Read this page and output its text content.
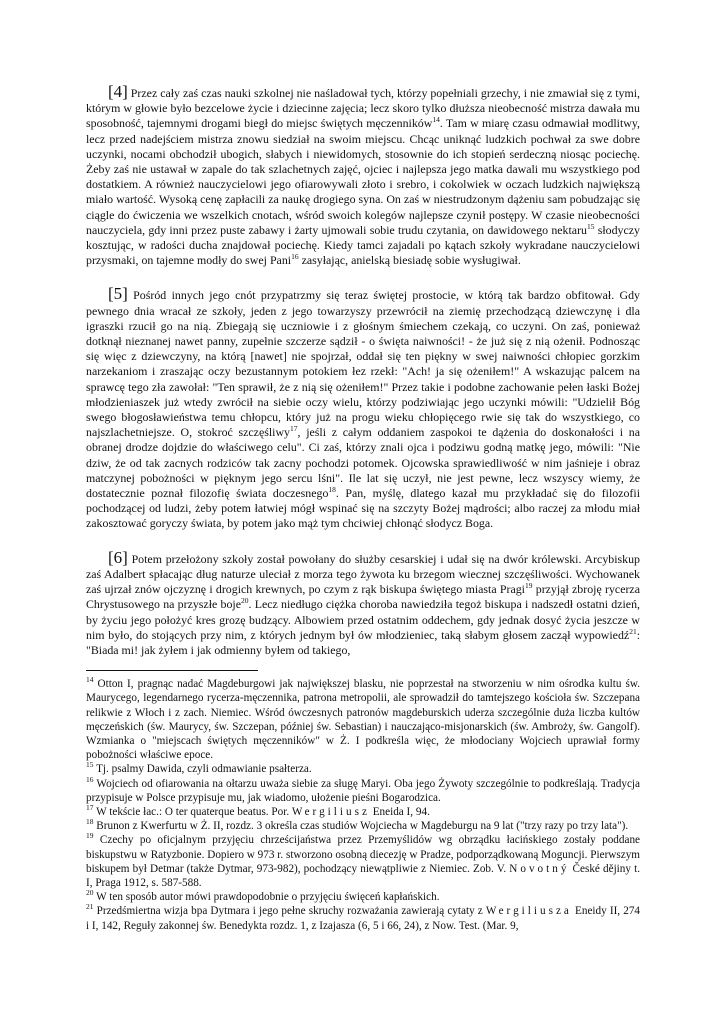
[4] Przez cały zaś czas nauki szkolnej nie naśladował tych, którzy popełniali grzechy, i nie zmawiał się z tymi, którym w głowie było bezcelowe życie i dziecinne zajęcia; lecz skoro tylko dłuższa nieobecność mistrza dawała mu sposobność, tajemnymi drogami biegł do miejsc świętych męczenników$^{14}$. Tam w miarę czasu odmawiał modlitwy, lecz przed nadejściem mistrza znowu siedział na swoim miejscu. Chcąc uniknąć ludzkich pochwał za swe dobre uczynki, nocami obchodził ubogich, słabych i niewidomych, stosownie do ich stopień serdeczną niosąc pociechę. Żeby zaś nie ustawał w zapale do tak szlachetnych zajęć, ojciec i najlepsza jego matka dawali mu wszystkiego pod dostatkiem. A również nauczycielowi jego ofiarowywali złoto i srebro, i cokolwiek w oczach ludzkich największą miało wartość. Wysoką cenę zapłacili za naukę drogiego syna. On zaś w niestrudzonym dążeniu sam pobudzając się ciągle do ćwiczenia we wszelkich cnotach, wśród swoich kolegów najlepsze czynił postępy. W czasie nieobecności nauczyciela, gdy inni przez puste zabawy i żarty ujmowali sobie trudu czytania, on dawidowego nektaru$^{15}$ słodyczy kosztując, w radości ducha znajdował pociechę. Kiedy tamci zajadali po kątach szkoły wykradane nauczycielowi przysmaki, on tajemne modły do swej Pani$^{16}$ zasyłając, anielską biesiadę sobie wysługiwał.

[5] Pośród innych jego cnót przypatrzmy się teraz świętej prostocie, w którą tak bardzo obfitował. Gdy pewnego dnia wracał ze szkoły, jeden z jego towarzyszy przewrócił na ziemię przechodzącą dziewczynę i dla igraszki rzucił go na nią. Zbiegają się uczniowie i z głośnym śmiechem czekają, co uczyni. On zaś, ponieważ dotknął nieznanej nawet panny, zupełnie szczerze sądził - o święta naiwności! - że już się z nią ożenił. Podnosząc się więc z dziewczyny, na którą [nawet] nie spojrzał, oddał się ten piękny w swej naiwności chłopiec gorzkim narzekaniom i zraszając oczy bezustannym potokiem łez rzekł: "Ach! ja się ożeniłem!" A wskazując palcem na sprawcę tego zła zawołał: "Ten sprawił, że z nią się ożeniłem!" Przez takie i podobne zachowanie pełen łaski Bożej młodzieniaszek już wtedy zwrócił na siebie oczy wielu, którzy podziwiając jego uczynki mówili: "Udzielił Bóg swego błogosławieństwa temu chłopcu, który już na progu wieku chłopięcego rwie się tak do wszystkiego, co najszlachetniejsze. O, stokroć szczęśliwy$^{17}$, jeśli z całym oddaniem zaspokoi te dążenia do doskonałości i na obranej drodze dojdzie do właściwego celu". Ci zaś, którzy znali ojca i podziwu godną matkę jego, mówili: "Nie dziw, że od tak zacnych rodziców tak zacny pochodzi potomek. Ojcowska sprawiedliwość w nim jaśnieje i obraz matczynej pobożności w pięknym jego sercu lśni". Ile lat się uczył, nie jest pewne, lecz wszyscy wiemy, że dostatecznie poznał filozofię świata doczesnego$^{18}$. Pan, myślę, dlatego kazał mu przykładać się do filozofii pochodzącej od ludzi, żeby potem łatwiej mógł wspinać się na szczyty Bożej mądrości; albo raczej za młodu miał zakosztować goryczy świata, by potem jako mąż tym chciwiej chłonąć słodycz Boga.

[6] Potem przełożony szkoły został powołany do służby cesarskiej i udał się na dwór królewski. Arcybiskup zaś Adalbert spłacając dług naturze uleciał z morza tego żywota ku brzegom wiecznej szczęśliwości. Wychowanek zaś ujrzał znów ojczyznę i drogich krewnych, po czym z rąk biskupa świętego miasta Pragi$^{19}$ przyjął zbroję rycerza Chrystusowego na przyszłe boje$^{20}$. Lecz niedługo ciężka choroba nawiedziła tegoż biskupa i nadszedł ostatni dzień, by życiu jego położyć kres grozę budzący. Albowiem przed ostatnim oddechem, gdy jednak dosyć życia jeszcze w nim było, do stojących przy nim, z których jednym był ów młodzieniec, taką słabym głosem zaczął wypowiedź$^{21}$: "Biada mi! jak żyłem i jak odmienny byłem od takiego,

$^{14}$ Otton I, pragnąc nadać Magdeburgowi jak największej blasku, nie poprzestał na stworzeniu w nim ośrodka kultu św. Maurycego, legendarnego rycerza-męczennika, patrona metropolii, ale sprowadził do tamtejszego kościoła św. Szczepana relikwie z Włoch i z zach. Niemiec. Wśród ówczesnych patronów magdeburskich uderza szczególnie duża liczba kultów męczeńskich (św. Maurycy, św. Szczepan, później św. Sebastian) i nauczająco-misjonarskich (św. Ambroży, św. Gangolf). Wzmianka o "miejscach świętych męczenników" w Ż. I podkreśla więc, że młodociany Wojciech uprawiał formy pobożności właściwe epoce.

$^{15}$ Tj. psalmy Dawida, czyli odmawianie psałterza.

$^{16}$ Wojciech od ofiarowania na ołtarzu uważa siebie za sługę Maryi. Oba jego Żywoty szczególnie to podkreślają. Tradycja przypisuje w Polsce przypisuje mu, jak wiadomo, ułożenie pieśni Bogarodzica.

$^{17}$ W tekście łac.: O ter quaterque beatus. Por. Wergiliusz Eneida I, 94.

$^{18}$ Brunon z Kwerfurtu w Ż. II, rozdz. 3 określa czas studiów Wojciecha w Magdeburgu na 9 lat ("trzy razy po trzy lata").

$^{19}$ Czechy po oficjalnym przyjęciu chrześcijaństwa przez Przemyślidów wg obrządku łacińskiego zostały poddane biskupstwu w Ratyzbonie. Dopiero w 973 r. stworzono osobną diecezję w Pradze, podporządkowaną Moguncji. Pierwszym biskupem był Detmar (także Dytmar, 973-982), pochodzący niewątpliwie z Niemiec. Zob. V. Novotný České dějiny t. I, Praga 1912, s. 587-588.

$^{20}$ W ten sposób autor mówi prawdopodobnie o przyjęciu święceń kapłańskich.

$^{21}$ Przedśmiertna wizja bpa Dytmara i jego pełne skruchy rozważania zawierają cytaty z Wergiliusza Eneidy II, 274 i I, 142, Reguły zakonnej św. Benedykta rozdz. 1, z Izajasza (6, 5 i 66, 24), z Now. Test. (Mar. 9,
